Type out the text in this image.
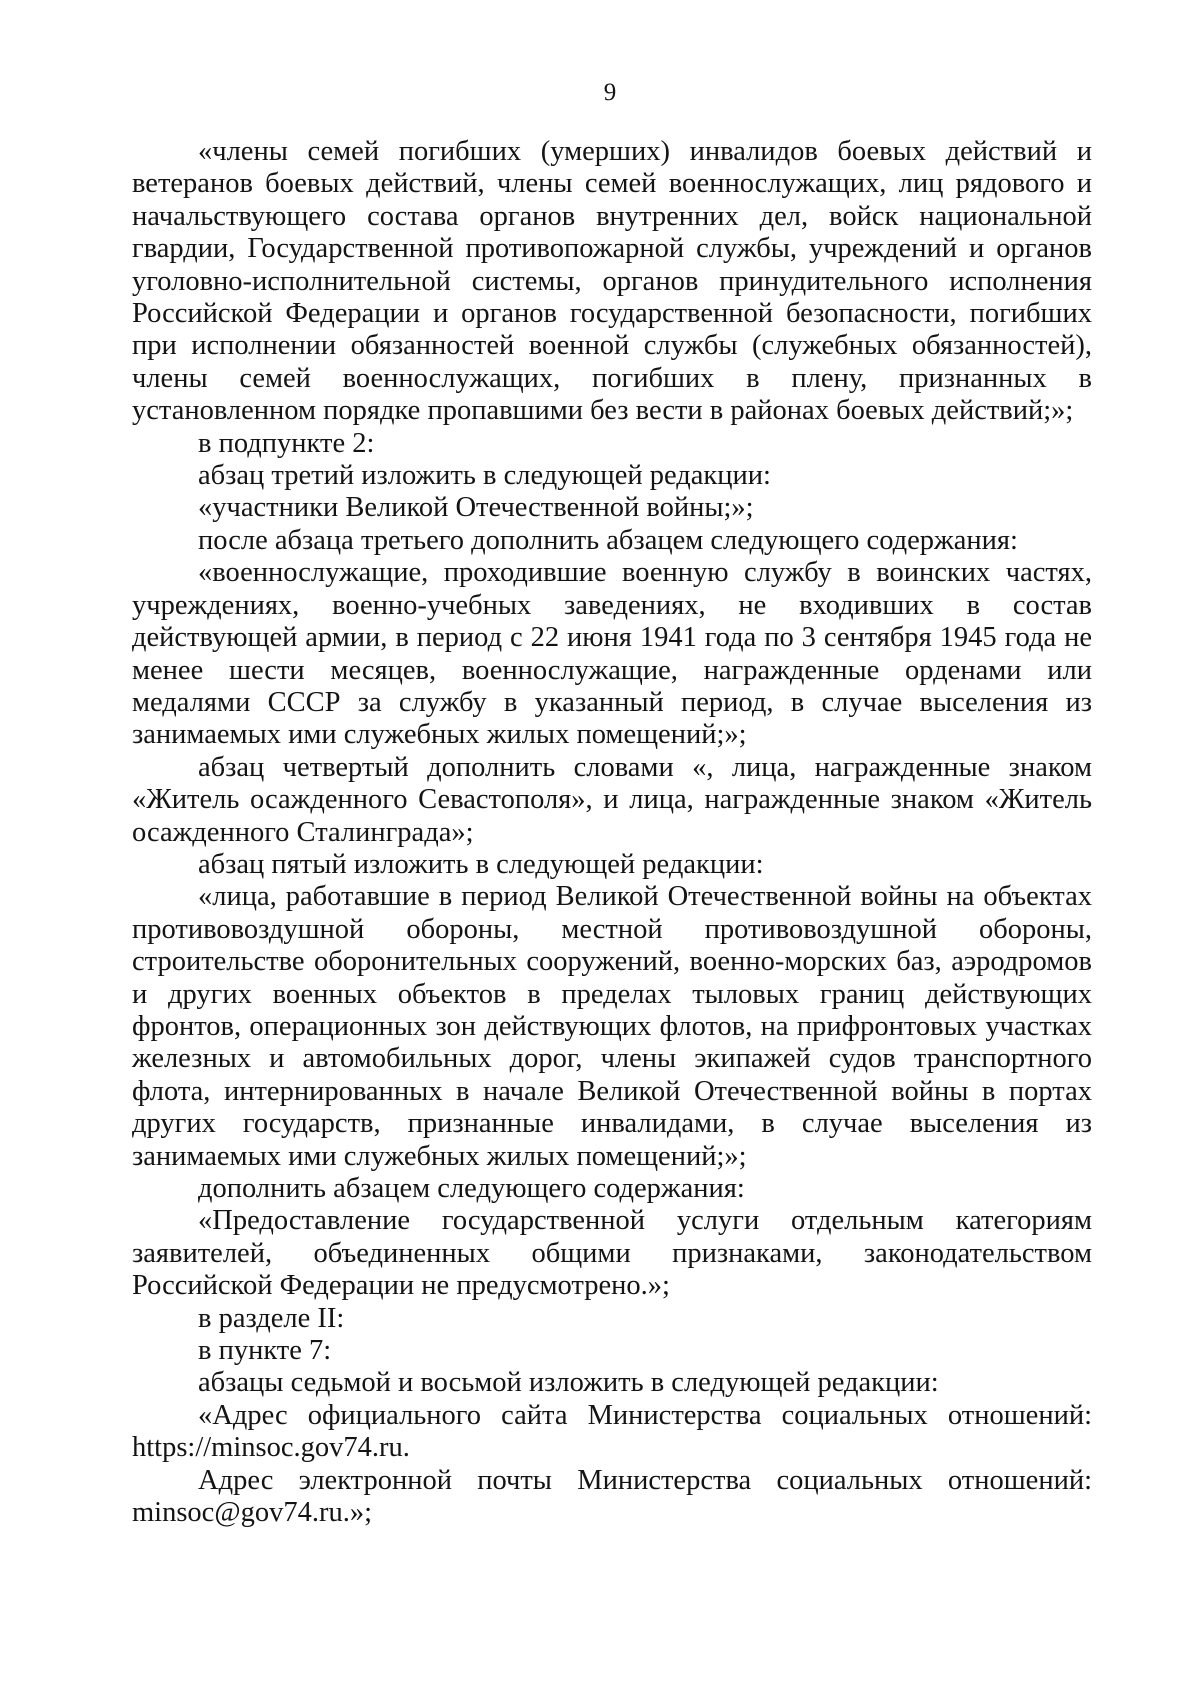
9

«члены семей погибших (умерших) инвалидов боевых действий и ветеранов боевых действий, члены семей военнослужащих, лиц рядового и начальствующего состава органов внутренних дел, войск национальной гвардии, Государственной противопожарной службы, учреждений и органов уголовно-исполнительной системы, органов принудительного исполнения Российской Федерации и органов государственной безопасности, погибших при исполнении обязанностей военной службы (служебных обязанностей), члены семей военнослужащих, погибших в плену, признанных в установленном порядке пропавшими без вести в районах боевых действий;»;

в подпункте 2:

абзац третий изложить в следующей редакции:

«участники Великой Отечественной войны;»;

после абзаца третьего дополнить абзацем следующего содержания:

«военнослужащие, проходившие военную службу в воинских частях, учреждениях, военно-учебных заведениях, не входивших в состав действующей армии, в период с 22 июня 1941 года по 3 сентября 1945 года не менее шести месяцев, военнослужащие, награжденные орденами или медалями СССР за службу в указанный период, в случае выселения из занимаемых ими служебных жилых помещений;»;

абзац четвертый дополнить словами «, лица, награжденные знаком «Житель осажденного Севастополя», и лица, награжденные знаком «Житель осажденного Сталинграда»;

абзац пятый изложить в следующей редакции:

«лица, работавшие в период Великой Отечественной войны на объектах противовоздушной обороны, местной противовоздушной обороны, строительстве оборонительных сооружений, военно-морских баз, аэродромов и других военных объектов в пределах тыловых границ действующих фронтов, операционных зон действующих флотов, на прифронтовых участках железных и автомобильных дорог, члены экипажей судов транспортного флота, интернированных в начале Великой Отечественной войны в портах других государств, признанные инвалидами, в случае выселения из занимаемых ими служебных жилых помещений;»;

дополнить абзацем следующего содержания:

«Предоставление государственной услуги отдельным категориям заявителей, объединенных общими признаками, законодательством Российской Федерации не предусмотрено.»;

в разделе II:

в пункте 7:

абзацы седьмой и восьмой изложить в следующей редакции:

«Адрес официального сайта Министерства социальных отношений: https://minsoc.gov74.ru.

Адрес электронной почты Министерства социальных отношений: minsoc@gov74.ru.»;
